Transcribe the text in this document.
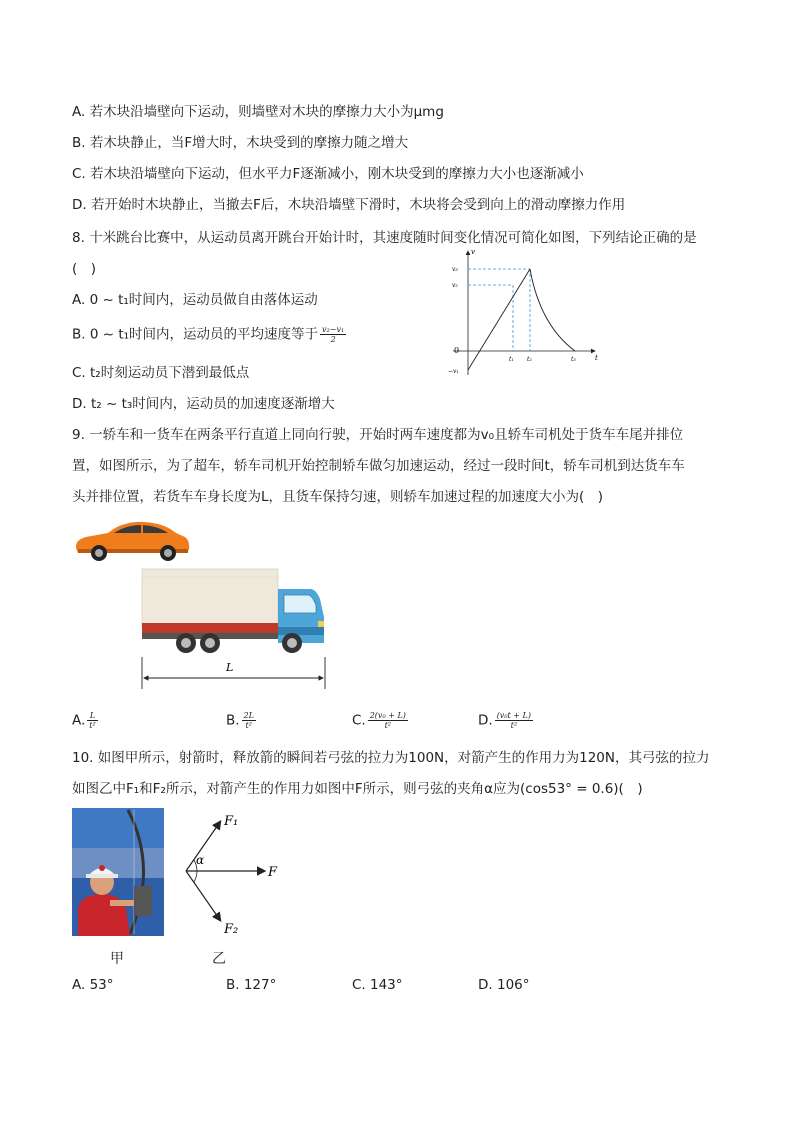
A. 若木块沿墙壁向下运动，则墙壁对木块的摩擦力大小为μmg
B. 若木块静止，当F增大时，木块受到的摩擦力随之增大
C. 若木块沿墙壁向下运动，但水平力F逐渐减小，刚木块受到的摩擦力大小也逐渐减小
D. 若开始时木块静止，当撤去F后，木块沿墙壁下滑时，木块将会受到向上的滑动摩擦力作用
8. 十米跳台比赛中，从运动员离开跳台开始计时，其速度随时间变化情况可简化如图，下列结论正确的是
(　)
A. 0 ~ t₁时间内，运动员做自由落体运动
B. 0 ~ t₁时间内，运动员的平均速度等于 $\frac{\text{v₂−v₁}}{2}$
C. t₂时刻运动员下潜到最低点
D. t₂ ~ t₃时间内，运动员的加速度逐渐增大
v
t
0
v₃
v₂
−v₁
t₁ t₂	t₃
9. 一轿车和一货车在两条平行直道上同向行驶，开始时两车速度都为v₀且轿车司机处于货车车尾并排位
置，如图所示，为了超车，轿车司机开始控制轿车做匀加速运动，经过一段时间t，轿车司机到达货车车
头并排位置，若货车车身长度为L，且货车保持匀速，则轿车加速过程的加速度大小为(　)
L
A. $\frac{L}{\text{t²}}$	B. $\frac{2L}{\text{t²}}$	C. $\frac{\text{2(v₀ + L)}}{\text{t²}}$	D. $\frac{\text{(v₀t + L)}}{\text{t²}}$
10. 如图甲所示，射箭时，释放箭的瞬间若弓弦的拉力为100N，对箭产生的作用力为120N，其弓弦的拉力
如图乙中F₁和F₂所示，对箭产生的作用力如图中F所示，则弓弦的夹角α应为(cos53° = 0.6)(　)
F₁
F₂
F
α
甲	乙
A. 53°	B. 127°	C. 143°	D. 106°
